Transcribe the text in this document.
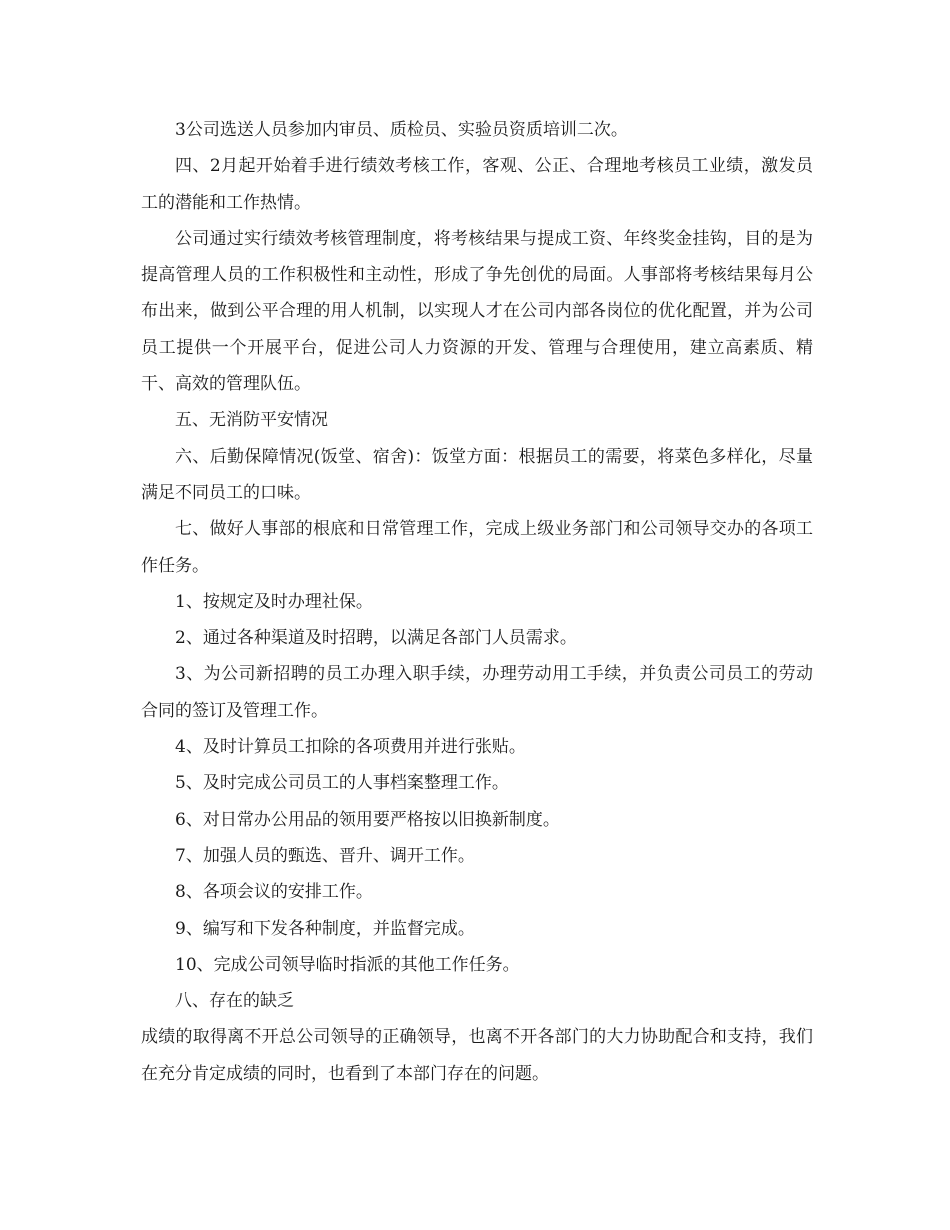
3公司选送人员参加内审员、质检员、实验员资质培训二次。

四、2月起开始着手进行绩效考核工作，客观、公正、合理地考核员工业绩，激发员工的潜能和工作热情。

公司通过实行绩效考核管理制度，将考核结果与提成工资、年终奖金挂钩，目的是为提高管理人员的工作积极性和主动性，形成了争先创优的局面。人事部将考核结果每月公布出来，做到公平合理的用人机制，以实现人才在公司内部各岗位的优化配置，并为公司员工提供一个开展平台，促进公司人力资源的开发、管理与合理使用，建立高素质、精干、高效的管理队伍。

五、无消防平安情况

六、后勤保障情况(饭堂、宿舍)：饭堂方面：根据员工的需要，将菜色多样化，尽量满足不同员工的口味。

七、做好人事部的根底和日常管理工作，完成上级业务部门和公司领导交办的各项工作任务。

1、按规定及时办理社保。

2、通过各种渠道及时招聘，以满足各部门人员需求。

3、为公司新招聘的员工办理入职手续，办理劳动用工手续，并负责公司员工的劳动合同的签订及管理工作。

4、及时计算员工扣除的各项费用并进行张贴。

5、及时完成公司员工的人事档案整理工作。

6、对日常办公用品的领用要严格按以旧换新制度。

7、加强人员的甄选、晋升、调开工作。

8、各项会议的安排工作。

9、编写和下发各种制度，并监督完成。

10、完成公司领导临时指派的其他工作任务。

八、存在的缺乏

成绩的取得离不开总公司领导的正确领导，也离不开各部门的大力协助配合和支持，我们在充分肯定成绩的同时，也看到了本部门存在的问题。
